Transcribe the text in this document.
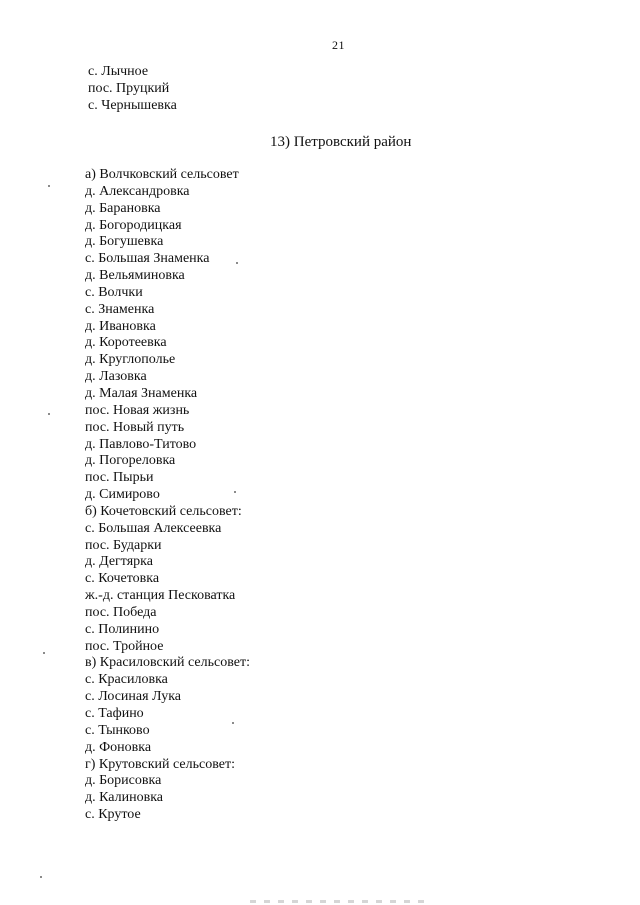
21
с. Лычное
пос. Пруцкий
с. Чернышевка
13) Петровский район
а) Волчковский сельсовет
д. Александровка
д. Барановка
д. Богородицкая
д. Богушевка
с. Большая Знаменка
д. Вельяминовка
с. Волчки
с. Знаменка
д. Ивановка
д. Коротеевка
д. Круглополье
д. Лазовка
д. Малая Знаменка
пос. Новая жизнь
пос. Новый путь
д. Павлово-Титово
д. Погореловка
пос. Пырьи
д. Симирово
б) Кочетовский сельсовет:
с. Большая Алексеевка
пос. Бударки
д. Дегтярка
с. Кочетовка
ж.-д. станция Песковатка
пос. Победа
с. Полинино
пос. Тройное
в) Красиловский сельсовет:
с. Красиловка
с. Лосиная Лука
с. Тафино
с. Тынково
д. Фоновка
г) Крутовский сельсовет:
д. Борисовка
д. Калиновка
с. Крутое
